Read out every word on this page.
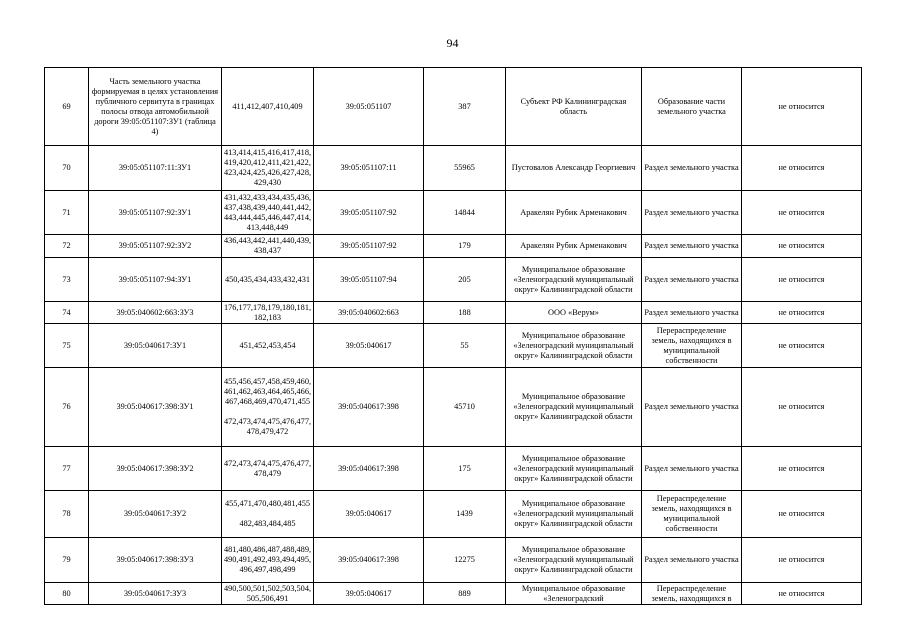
94
69	Часть земельного участка формируемая в целях установления публичного сервитута в границах полосы отвода автомобильной дороги 39:05:051107:ЗУ1 (таблица 4)	411,412,407,410,409	39:05:051107	387	Субъект РФ Калининградская область	Образование части земельного участка	не относится
70	39:05:051107:11:ЗУ1	413,414,415,416,417,418,419,420,412,411,421,422,423,424,425,426,427,428,429,430	39:05:051107:11	55965	Пустовалов Александр Георгиевич	Раздел земельного участка	не относится
71	39:05:051107:92:ЗУ1	431,432,433,434,435,436,437,438,439,440,441,442,443,444,445,446,447,414,413,448,449	39:05:051107:92	14844	Аракелян Рубик Арменакович	Раздел земельного участка	не относится
72	39:05:051107:92:ЗУ2	436,443,442,441,440,439,438,437	39:05:051107:92	179	Аракелян Рубик Арменакович	Раздел земельного участка	не относится
73	39:05:051107:94:ЗУ1	450,435,434,433,432,431	39:05:051107:94	205	Муниципальное образование «Зеленоградский муниципальный округ» Калининградской области	Раздел земельного участка	не относится
74	39:05:040602:663:ЗУ3	176,177,178,179,180,181,182,183	39:05:040602:663	188	ООО «Верум»	Раздел земельного участка	не относится
75	39:05:040617:ЗУ1	451,452,453,454	39:05:040617	55	Муниципальное образование «Зеленоградский муниципальный округ» Калининградской области	Перераспределение земель, находящихся в муниципальной собственности	не относится
76	39:05:040617:398:ЗУ1	455,456,457,458,459,460,461,462,463,464,465,466,467,468,469,470,471,455
472,473,474,475,476,477,478,479,472	39:05:040617:398	45710	Муниципальное образование «Зеленоградский муниципальный округ» Калининградской области	Раздел земельного участка	не относится
77	39:05:040617:398:ЗУ2	472,473,474,475,476,477,478,479	39:05:040617:398	175	Муниципальное образование «Зеленоградский муниципальный округ» Калининградской области	Раздел земельного участка	не относится
78	39:05:040617:ЗУ2	455,471,470,480,481,455
482,483,484,485	39:05:040617	1439	Муниципальное образование «Зеленоградский муниципальный округ» Калининградской области	Перераспределение земель, находящихся в муниципальной собственности	не относится
79	39:05:040617:398:ЗУ3	481,480,486,487,488,489,490,491,492,493,494,495,496,497,498,499	39:05:040617:398	12275	Муниципальное образование «Зеленоградский муниципальный округ» Калининградской области	Раздел земельного участка	не относится
80	39:05:040617:ЗУ3	490,500,501,502,503,504,505,506,491	39:05:040617	889	Муниципальное образование «Зеленоградский	Перераспределение земель, находящихся в	не относится
